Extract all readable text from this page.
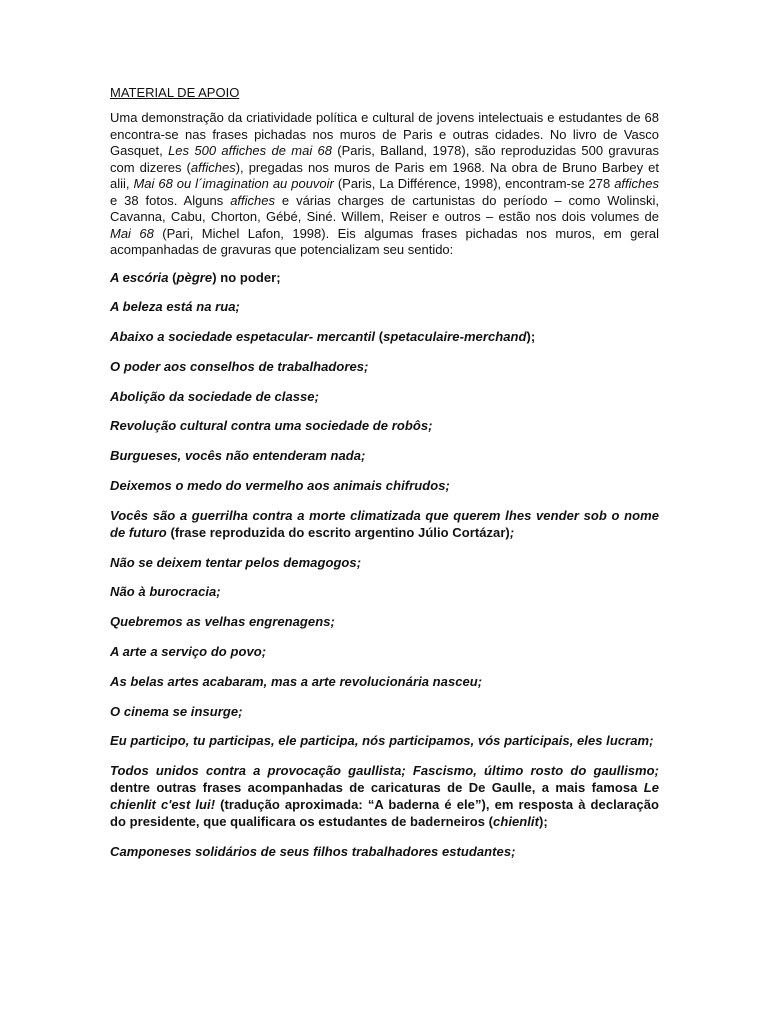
MATERIAL DE APOIO

Uma demonstração da criatividade política e cultural de jovens intelectuais e estudantes de 68 encontra-se nas frases pichadas nos muros de Paris e outras cidades. No livro de Vasco Gasquet, Les 500 affiches de mai 68 (Paris, Balland, 1978), são reproduzidas 500 gravuras com dizeres (affiches), pregadas nos muros de Paris em 1968. Na obra de Bruno Barbey et alii, Mai 68 ou l´imagination au pouvoir (Paris, La Différence, 1998), encontram-se 278 affiches e 38 fotos. Alguns affiches e várias charges de cartunistas do período – como Wolinski, Cavanna, Cabu, Chorton, Gébé, Siné. Willem, Reiser e outros – estão nos dois volumes de Mai 68 (Pari, Michel Lafon, 1998). Eis algumas frases pichadas nos muros, em geral acompanhadas de gravuras que potencializam seu sentido:

A escória (pègre) no poder;

A beleza está na rua;

Abaixo a sociedade espetacular- mercantil (spetaculaire-merchand);

O poder aos conselhos de trabalhadores;

Abolição da sociedade de classe;

Revolução cultural contra uma sociedade de robôs;

Burgueses, vocês não entenderam nada;

Deixemos o medo do vermelho aos animais chifrudos;

Vocês são a guerrilha contra a morte climatizada que querem lhes vender sob o nome de futuro (frase reproduzida do escrito argentino Júlio Cortázar);

Não se deixem tentar pelos demagogos;

Não à burocracia;

Quebremos as velhas engrenagens;

A arte a serviço do povo;

As belas artes acabaram, mas a arte revolucionária nasceu;

O cinema se insurge;

Eu participo, tu participas, ele participa, nós participamos, vós participais, eles lucram;

Todos unidos contra a provocação gaullista; Fascismo, último rosto do gaullismo; dentre outras frases acompanhadas de caricaturas de De Gaulle, a mais famosa Le chienlit c'est lui! (tradução aproximada: “A baderna é ele”), em resposta à declaração do presidente, que qualificara os estudantes de baderneiros (chienlit);

Camponeses solidários de seus filhos trabalhadores estudantes;
